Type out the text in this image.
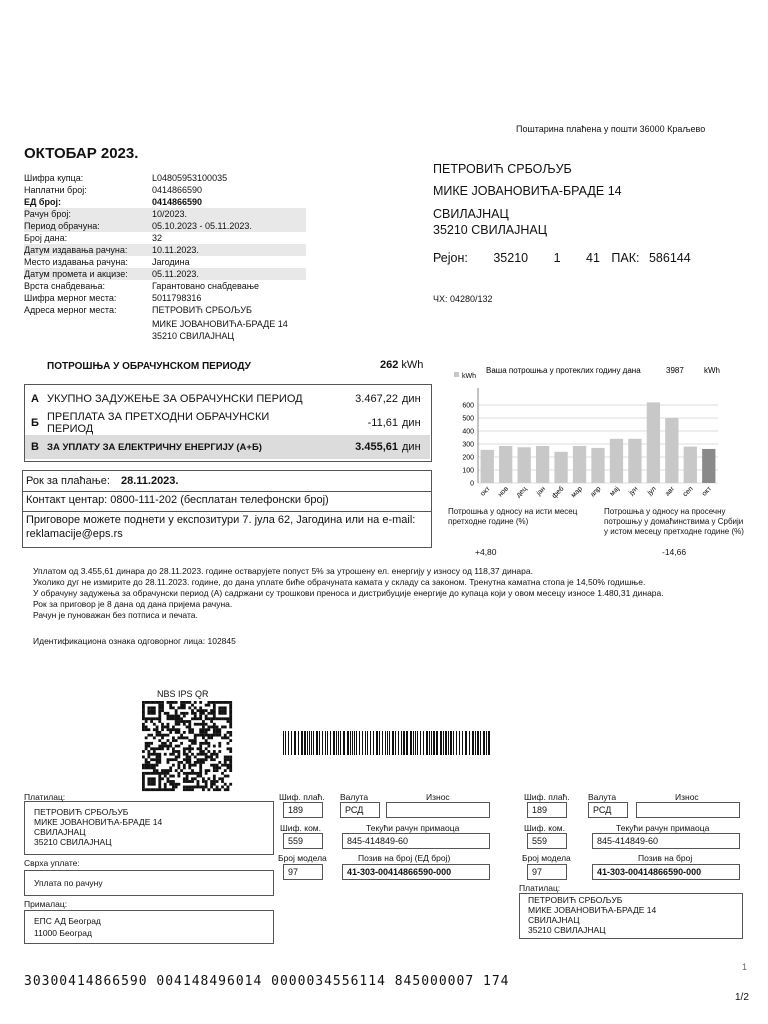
Поштарина плаћена у пошти 36000 Краљево
ОКТОБАР 2023.
Шифра купца:	L04805953100035
Наплатни број:	0414866590
ЕД број:	0414866590
Рачун број:	10/2023.
Период обрачуна:	05.10.2023 - 05.11.2023.
Број дана:	32
Датум издавања рачуна:	10.11.2023.
Место издавања рачуна:	Јагодина
Датум промета и акцизе:	05.11.2023.
Врста снабдевања:	Гарантовано снабдевање
Шифра мерног места:	5011798316
Адреса мерног места:	ПЕТРОВИЋ СРБОЉУБ
МИКЕ ЈОВАНОВИЋА-БРАДЕ 14
35210 СВИЛАЈНАЦ
ПЕТРОВИЋ СРБОЉУБ
МИКЕ ЈОВАНОВИЋА-БРАДЕ 14
СВИЛАЈНАЦ
35210 СВИЛАЈНАЦ
Рејон: 35210 1 41 ПАК: 586144
ЧХ: 04280/132
ПОТРОШЊА У ОБРАЧУНСКОМ ПЕРИОДУ	262 kWh
А УКУПНО ЗАДУЖЕЊЕ ЗА ОБРАЧУНСКИ ПЕРИОД	3.467,22 дин
Б ПРЕПЛАТА ЗА ПРЕТХОДНИ ОБРАЧУНСКИ ПЕРИОД	-11,61 дин
В ЗА УПЛАТУ ЗА ЕЛЕКТРИЧНУ ЕНЕРГИЈУ (А+Б)	3.455,61 дин
Рок за плаћање: 28.11.2023.
Контакт центар: 0800-111-202 (бесплатан телефонски број)
Приговоре можете поднети у експозитури 7. јула 62, Јагодина или на e-mail: reklamacije@eps.rs
kWh
Ваша потрошња у протеклих годину дана	3987	kWh
0
100
200
300
400
500
600
окт нов дец јан феб мар апр мај јун јул авг сеп окт
Потрошња у односу на исти месец претходне године (%)
+4,80
Потрошња у односу на просечну потрошњу у домаћинствима у Србији у истом месецу претходне године (%)
-14,66
Уплатом од 3.455,61 динара до 28.11.2023. године остварујете попуст 5% за утрошену ел. енергију у износу од 118,37 динара.
Уколико дуг не измирите до 28.11.2023. године, до дана уплате биће обрачуната камата у складу са законом. Тренутна каматна стопа је 14,50% годишње.
У обрачуну задужења за обрачунски период (А) садржани су трошкови преноса и дистрибуције енергије до купаца који у овом месецу износе 1.480,31 динара.
Рок за приговор је 8 дана од дана пријема рачуна.
Рачун је пуноважан без потписа и печата.
Идентификациона ознака одговорног лица: 102845
NBS IPS QR
Платилац:
ПЕТРОВИЋ СРБОЉУБ
МИКЕ ЈОВАНОВИЋА-БРАДЕ 14
СВИЛАЈНАЦ
35210 СВИЛАЈНАЦ
Сврха уплате:
Уплата по рачуну
Прималац:
ЕПС АД Београд
11000 Београд
Шиф. плаћ.
189
Валута
РСД
Износ
Шиф. ком.
559
Текући рачун примаоца
845-414849-60
Број модела
97
Позив на број (ЕД број)
41-303-00414866590-000
Шиф. плаћ.
189
Валута
РСД
Износ
Шиф. ком.
559
Текући рачун примаоца
845-414849-60
Број модела
97
Позив на број
41-303-00414866590-000
Платилац:
ПЕТРОВИЋ СРБОЉУБ
МИКЕ ЈОВАНОВИЋА-БРАДЕ 14
СВИЛАЈНАЦ
35210 СВИЛАЈНАЦ
30300414866590 004148496014 0000034556114 845000007 174
1
1/2
